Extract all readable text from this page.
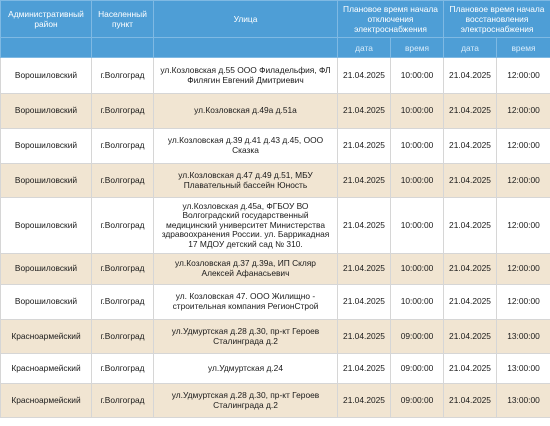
Административный район	Населенный пункт	Улица	Плановое время начала отключения электроснабжения		Плановое время начала восстановления электроснабжения	
			дата	время	дата	время
Ворошиловский	г.Волгоград	ул.Козловская д.55 ООО Филадельфия, ФЛ Филягин Евгений Дмитриевич	21.04.2025	10:00:00	21.04.2025	12:00:00
Ворошиловский	г.Волгоград	ул.Козловская д.49а д.51а	21.04.2025	10:00:00	21.04.2025	12:00:00
Ворошиловский	г.Волгоград	ул.Козловская д.39 д.41 д.43 д.45, ООО Сказка	21.04.2025	10:00:00	21.04.2025	12:00:00
Ворошиловский	г.Волгоград	ул.Козловская д.47 д.49 д.51, МБУ Плавательный бассейн Юность	21.04.2025	10:00:00	21.04.2025	12:00:00
Ворошиловский	г.Волгоград	ул.Козловская д.45а, ФГБОУ ВО Волгоградский государственный медицинский университет Министерства здравоохранения России. ул. Баррикадная 17 МДОУ детский сад № 310.	21.04.2025	10:00:00	21.04.2025	12:00:00
Ворошиловский	г.Волгоград	ул.Козловская д.37 д.39а, ИП Скляр Алексей Афанасьевич	21.04.2025	10:00:00	21.04.2025	12:00:00
Ворошиловский	г.Волгоград	ул. Козловская 47. ООО Жилищно - строительная компания РегионСтрой	21.04.2025	10:00:00	21.04.2025	12:00:00
Красноармейский	г.Волгоград	ул.Удмуртская д.28 д.30, пр-кт Героев Сталинграда д.2	21.04.2025	09:00:00	21.04.2025	13:00:00
Красноармейский	г.Волгоград	ул.Удмуртская д.24	21.04.2025	09:00:00	21.04.2025	13:00:00
Красноармейский	г.Волгоград	ул.Удмуртская д.28 д.30, пр-кт Героев Сталинграда д.2	21.04.2025	09:00:00	21.04.2025	13:00:00
